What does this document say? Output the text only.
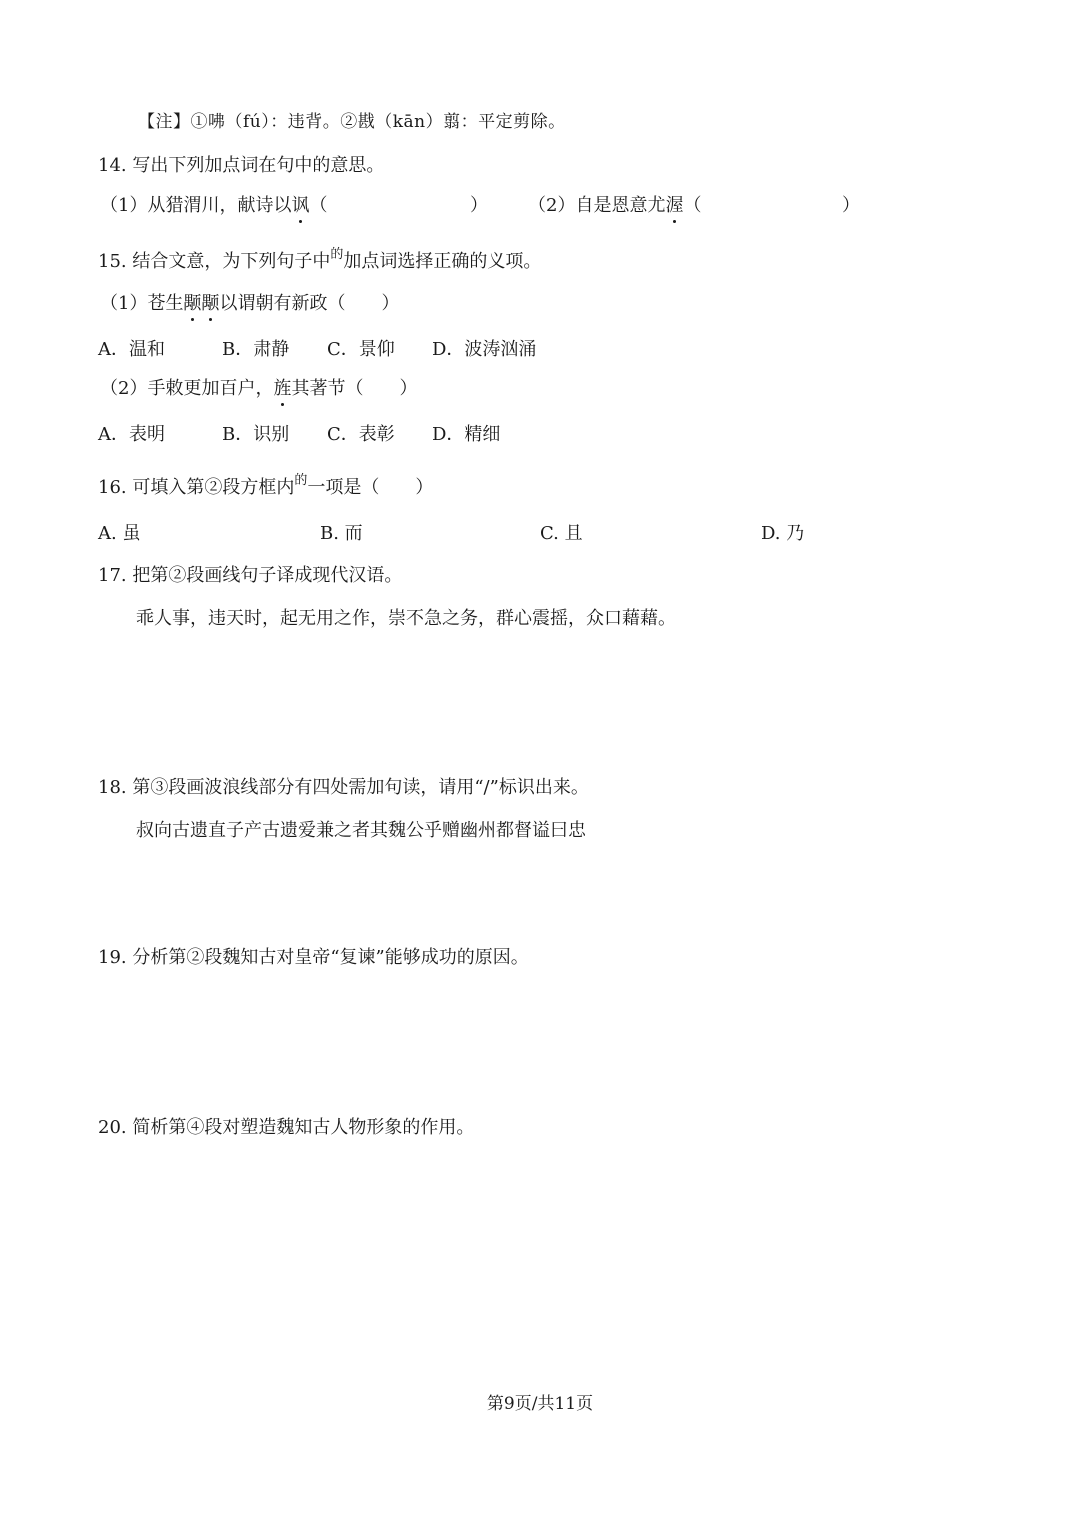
【注】①咈（fú）：违背。②戡（kān）翦：平定剪除。
14. 写出下列加点词在句中的意思。
（1）从猎渭川，献诗以讽（	） （2）自是恩意尤渥（	）
15. 结合文意，为下列句子中$^的$加点词选择正确的义项。
（1）苍生颙颙以谓朝有新政（　　）
A．温和	B．肃静 C．景仰 D．波涛汹涌
（2）手敕更加百户，旌其著节（　　）
A．表明	B．识别 C．表彰 D．精细
16. 可填入第②段方框内$^的$一项是（　　）
A. 虽	B. 而	C. 且	D. 乃
17. 把第②段画线句子译成现代汉语。
乖人事，违天时，起无用之作，崇不急之务，群心震摇，众口藉藉。
18. 第③段画波浪线部分有四处需加句读，请用“/”标识出来。
叔向古遗直子产古遗爱兼之者其魏公乎赠幽州都督谥曰忠
19. 分析第②段魏知古对皇帝“复谏”能够成功的原因。
20. 简析第④段对塑造魏知古人物形象的作用。
第9页/共11页
